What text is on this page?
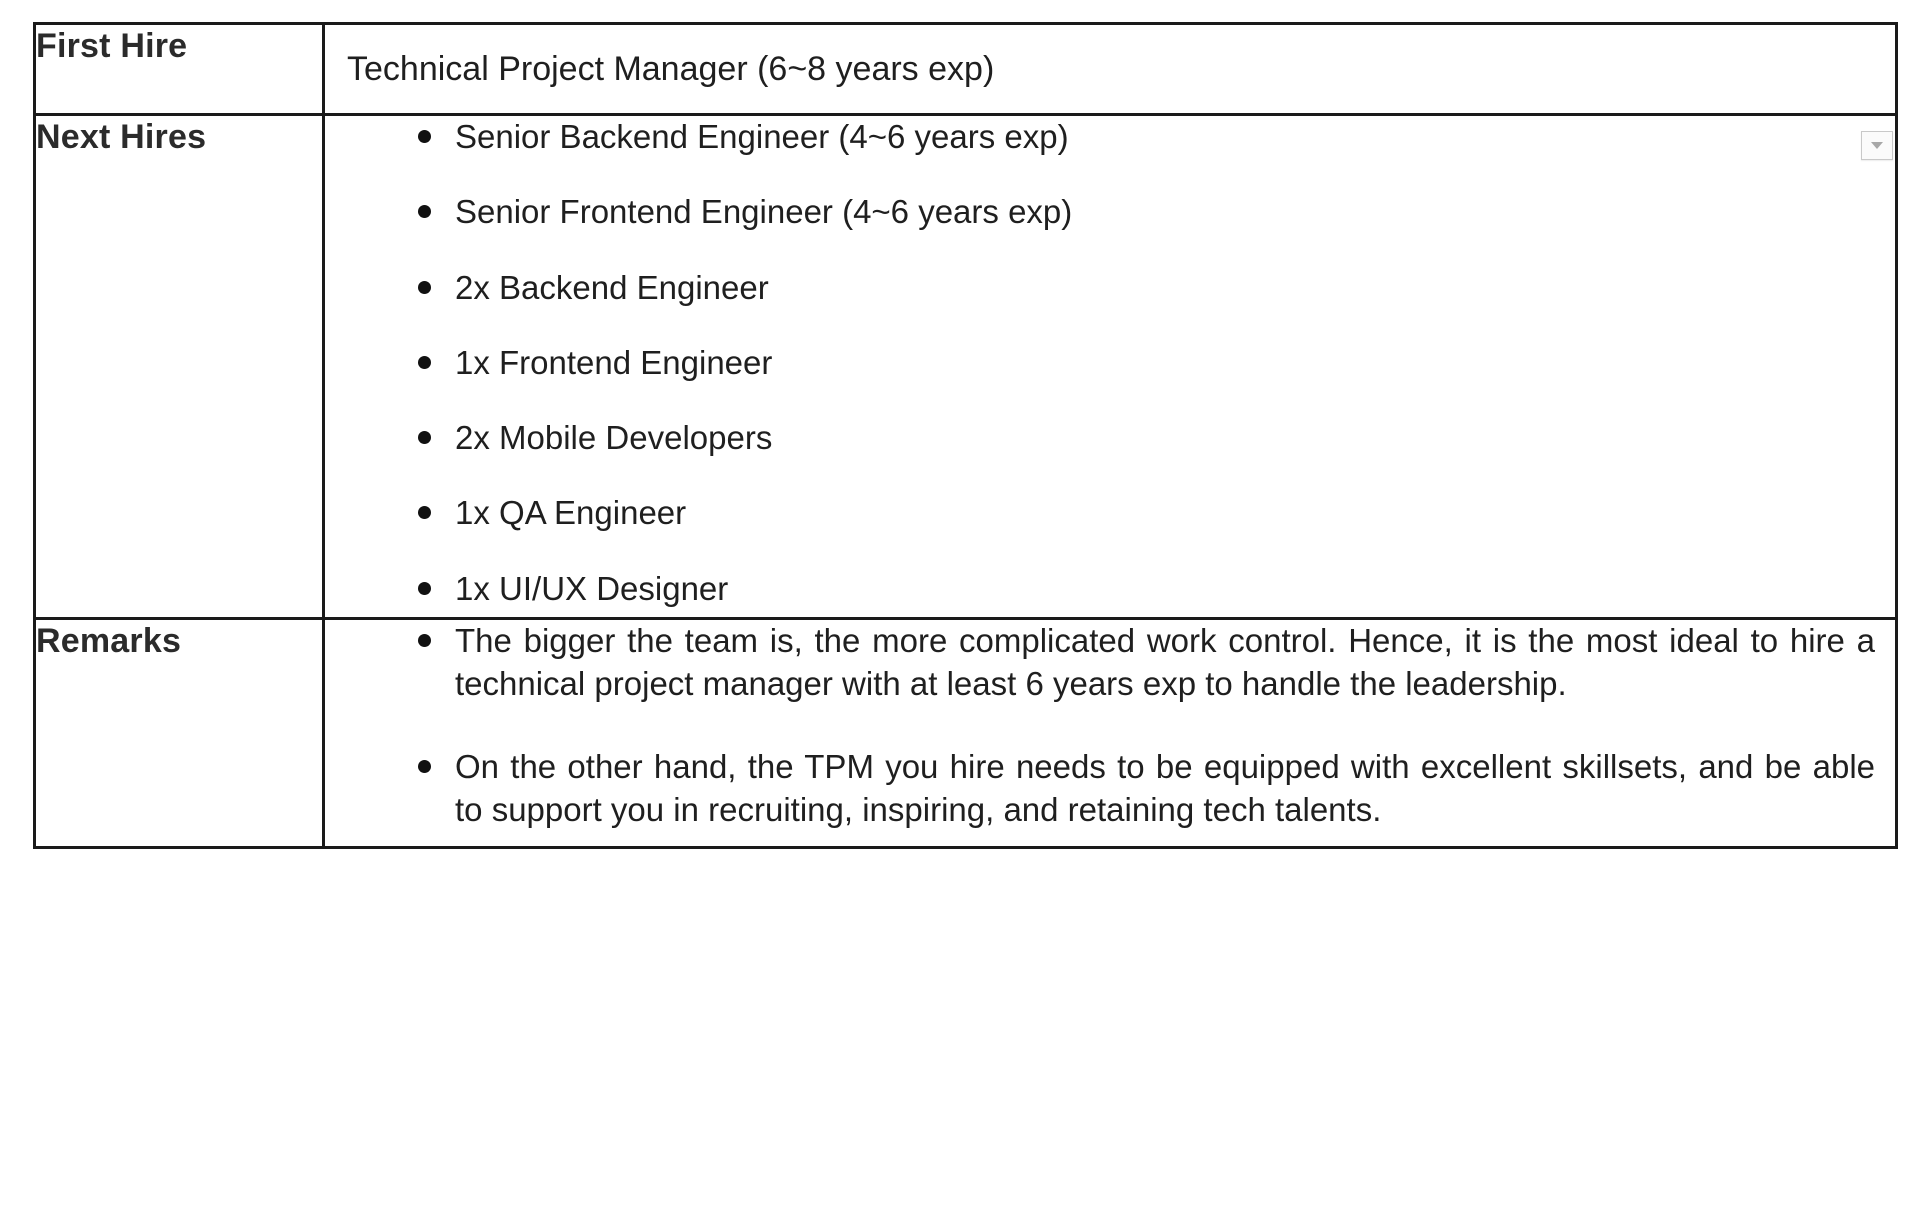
First Hire	Technical Project Manager (6~8 years exp)
Next Hires	Senior Backend Engineer (4~6 years exp)
Senior Frontend Engineer (4~6 years exp)
2x Backend Engineer
1x Frontend Engineer
2x Mobile Developers
1x QA Engineer
1x UI/UX Designer

Remarks	The bigger the team is, the more complicated work control. Hence, it is the most ideal to hire a technical project manager with at least 6 years exp to handle the leadership.
On the other hand, the TPM you hire needs to be equipped with excellent skillsets, and be able to support you in recruiting, inspiring, and retaining tech talents.
